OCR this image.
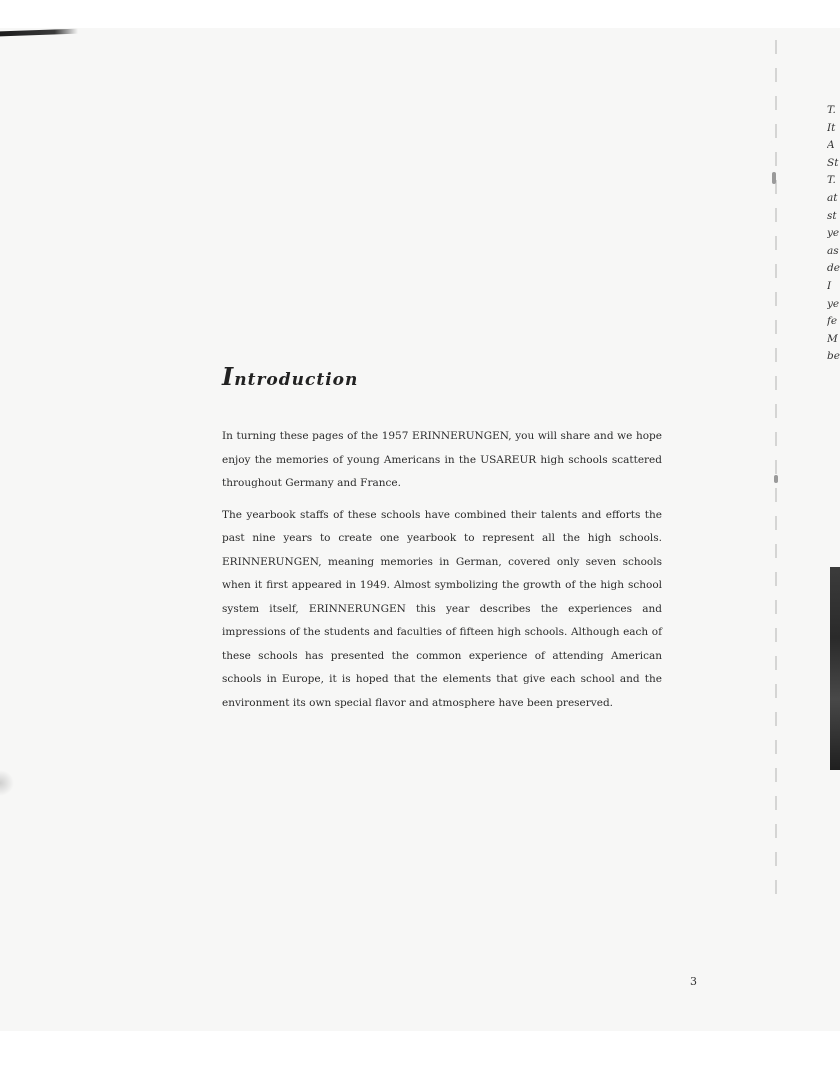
Introduction

In turning these pages of the 1957 ERINNERUNGEN, you will share and we hope enjoy the memories of young Americans in the USAREUR high schools scattered throughout Germany and France.

The yearbook staffs of these schools have combined their talents and efforts the past nine years to create one yearbook to represent all the high schools. ERINNERUNGEN, meaning memories in German, covered only seven schools when it first appeared in 1949. Almost symbolizing the growth of the high school system itself, ERINNERUNGEN this year describes the experiences and impressions of the students and faculties of fifteen high schools. Although each of these schools has presented the common experience of attending American schools in Europe, it is hoped that the elements that give each school and the environment its own special flavor and atmosphere have been preserved.

T.
It
A
St
T.
at
st
ye
as
de
I
ye
fe
M
be
3
